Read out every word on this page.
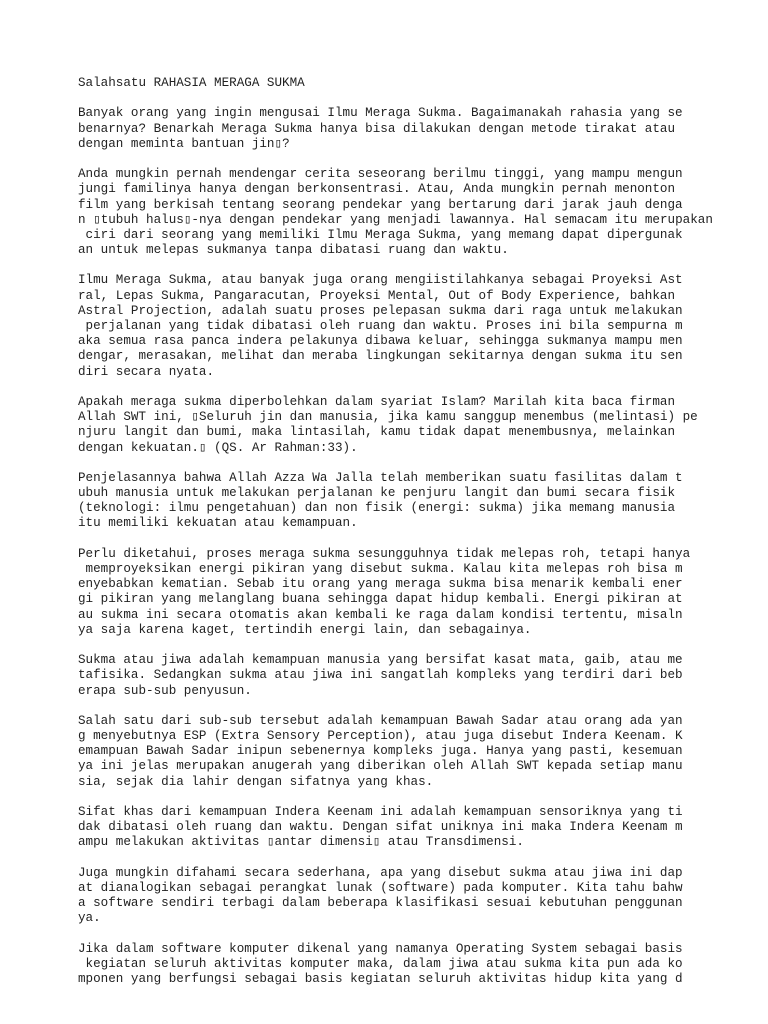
Salahsatu RAHASIA MERAGA SUKMA
Banyak orang yang ingin mengusai Ilmu Meraga Sukma. Bagaimanakah rahasia yang se
benarnya? Benarkah Meraga Sukma hanya bisa dilakukan dengan metode tirakat atau
dengan meminta bantuan jin▯?
Anda mungkin pernah mendengar cerita seseorang berilmu tinggi, yang mampu mengun
jungi familinya hanya dengan berkonsentrasi. Atau, Anda mungkin pernah menonton
film yang berkisah tentang seorang pendekar yang bertarung dari jarak jauh denga
n ▯tubuh halus▯-nya dengan pendekar yang menjadi lawannya. Hal semacam itu merupakan
ciri dari seorang yang memiliki Ilmu Meraga Sukma, yang memang dapat dipergunak
an untuk melepas sukmanya tanpa dibatasi ruang dan waktu.
Ilmu Meraga Sukma, atau banyak juga orang mengiistilahkanya sebagai Proyeksi Ast
ral, Lepas Sukma, Pangaracutan, Proyeksi Mental, Out of Body Experience, bahkan
Astral Projection, adalah suatu proses pelepasan sukma dari raga untuk melakukan
perjalanan yang tidak dibatasi oleh ruang dan waktu. Proses ini bila sempurna m
aka semua rasa panca indera pelakunya dibawa keluar, sehingga sukmanya mampu men
dengar, merasakan, melihat dan meraba lingkungan sekitarnya dengan sukma itu sen
diri secara nyata.
Apakah meraga sukma diperbolehkan dalam syariat Islam? Marilah kita baca firman
Allah SWT ini, ▯Seluruh jin dan manusia, jika kamu sanggup menembus (melintasi) pe
njuru langit dan bumi, maka lintasilah, kamu tidak dapat menembusnya, melainkan
dengan kekuatan.▯ (QS. Ar Rahman:33).
Penjelasannya bahwa Allah Azza Wa Jalla telah memberikan suatu fasilitas dalam t
ubuh manusia untuk melakukan perjalanan ke penjuru langit dan bumi secara fisik
(teknologi: ilmu pengetahuan) dan non fisik (energi: sukma) jika memang manusia
itu memiliki kekuatan atau kemampuan.
Perlu diketahui, proses meraga sukma sesungguhnya tidak melepas roh, tetapi hanya
memproyeksikan energi pikiran yang disebut sukma. Kalau kita melepas roh bisa m
enyebabkan kematian. Sebab itu orang yang meraga sukma bisa menarik kembali ener
gi pikiran yang melanglang buana sehingga dapat hidup kembali. Energi pikiran at
au sukma ini secara otomatis akan kembali ke raga dalam kondisi tertentu, misaln
ya saja karena kaget, tertindih energi lain, dan sebagainya.
Sukma atau jiwa adalah kemampuan manusia yang bersifat kasat mata, gaib, atau me
tafisika. Sedangkan sukma atau jiwa ini sangatlah kompleks yang terdiri dari beb
erapa sub-sub penyusun.
Salah satu dari sub-sub tersebut adalah kemampuan Bawah Sadar atau orang ada yan
g menyebutnya ESP (Extra Sensory Perception), atau juga disebut Indera Keenam. K
emampuan Bawah Sadar inipun sebenernya kompleks juga. Hanya yang pasti, kesemuan
ya ini jelas merupakan anugerah yang diberikan oleh Allah SWT kepada setiap manu
sia, sejak dia lahir dengan sifatnya yang khas.
Sifat khas dari kemampuan Indera Keenam ini adalah kemampuan sensoriknya yang ti
dak dibatasi oleh ruang dan waktu. Dengan sifat uniknya ini maka Indera Keenam m
ampu melakukan aktivitas ▯antar dimensi▯ atau Transdimensi.
Juga mungkin difahami secara sederhana, apa yang disebut sukma atau jiwa ini dap
at dianalogikan sebagai perangkat lunak (software) pada komputer. Kita tahu bahw
a software sendiri terbagi dalam beberapa klasifikasi sesuai kebutuhan penggunan
ya.
Jika dalam software komputer dikenal yang namanya Operating System sebagai basis
kegiatan seluruh aktivitas komputer maka, dalam jiwa atau sukma kita pun ada ko
mponen yang berfungsi sebagai basis kegiatan seluruh aktivitas hidup kita yang d
